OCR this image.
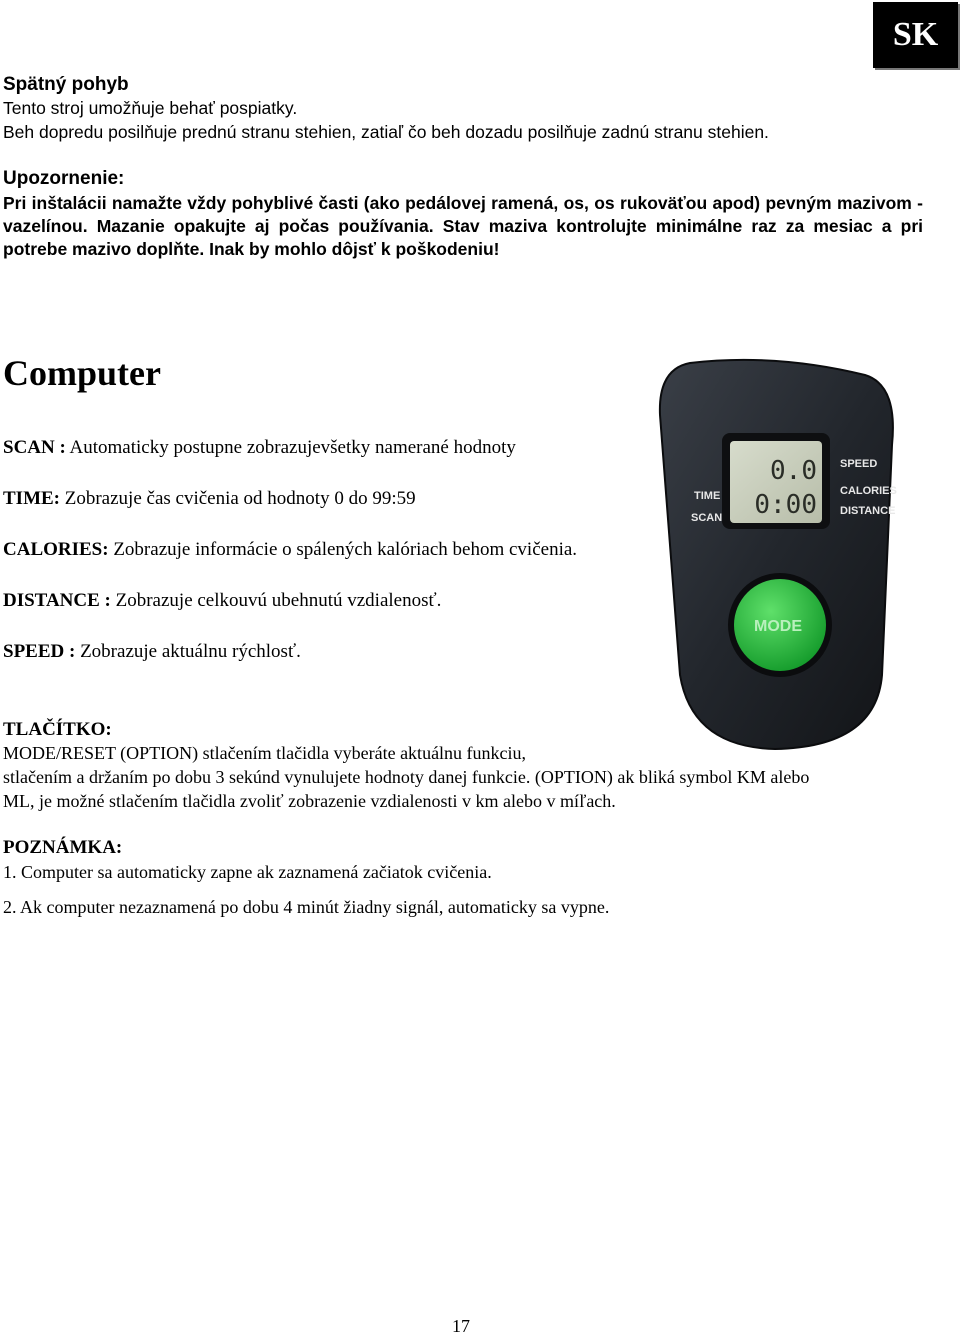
SK
Spätný pohyb
Tento stroj umožňuje behať pospiatky.
Beh dopredu posilňuje prednú stranu stehien, zatiaľ čo beh dozadu posilňuje zadnú stranu stehien.
Upozornenie:
Pri inštalácii namažte vždy pohyblivé časti (ako pedálovej ramená, os, os rukoväťou apod) pevným mazivom - vazelínou. Mazanie opakujte aj počas používania. Stav maziva kontrolujte minimálne raz za mesiac a pri potrebe mazivo doplňte. Inak by mohlo dôjsť k poškodeniu!
Computer
SCAN : Automaticky postupne zobrazujevšetky namerané hodnoty
TIME: Zobrazuje čas cvičenia od hodnoty 0 do 99:59
CALORIES: Zobrazuje informácie o spálených kalóriach behom cvičenia.
DISTANCE : Zobrazuje celkouvú ubehnutú vzdialenosť.
SPEED : Zobrazuje aktuálnu rýchlosť.
0.0
0:00
SPEED
CALORIES
DISTANCE
TIME
SCAN
MODE
TLAČÍTKO:
MODE/RESET (OPTION) stlačením tlačidla vyberáte aktuálnu funkciu,
stlačením a držaním po dobu 3 sekúnd vynulujete hodnoty danej funkcie. (OPTION) ak bliká symbol KM alebo
ML, je možné stlačením tlačidla zvoliť zobrazenie vzdialenosti v km alebo v míľach.
POZNÁMKA:
1. Computer sa automaticky zapne ak zaznamená začiatok cvičenia.
2. Ak computer nezaznamená po dobu 4 minút žiadny signál, automaticky sa vypne.
17
